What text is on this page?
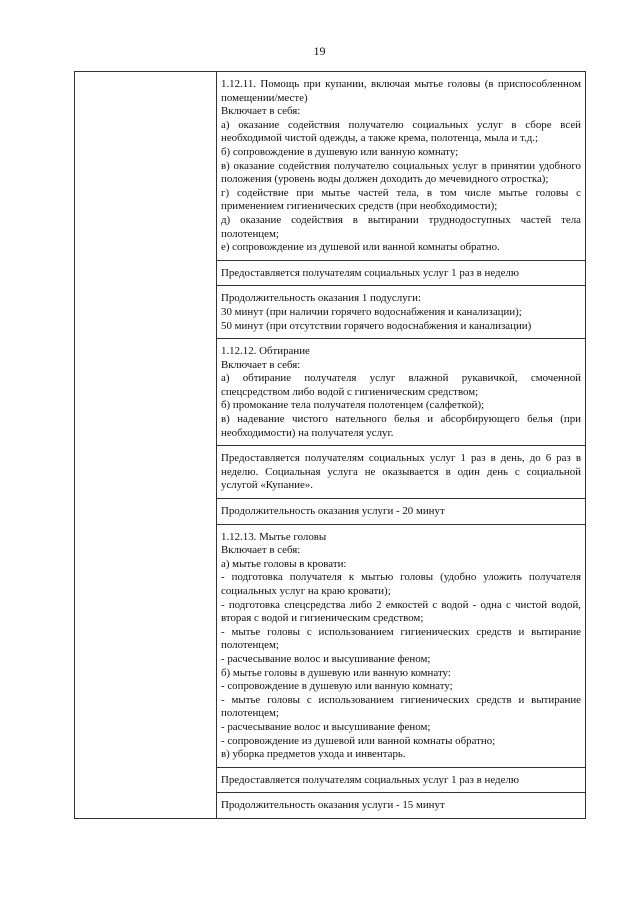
19

1.12.11. Помощь при купании, включая мытье головы (в приспособленном помещении/месте)
Включает в себя:
а) оказание содействия получателю социальных услуг в сборе всей необходимой чистой одежды, а также крема, полотенца, мыла и т.д.;
б) сопровождение в душевую или ванную комнату;
в) оказание содействия получателю социальных услуг в принятии удобного положения (уровень воды должен доходить до мечевидного отростка);
г) содействие при мытье частей тела, в том числе мытье головы с применением гигиенических средств (при необходимости);
д) оказание содействия в вытирании труднодоступных частей тела полотенцем;
е) сопровождение из душевой или ванной комнаты обратно.

Предоставляется получателям социальных услуг 1 раз в неделю

Продолжительность оказания 1 подуслуги:
30 минут (при наличии горячего водоснабжения и канализации);
50 минут (при отсутствии горячего водоснабжения и канализации)

1.12.12. Обтирание
Включает в себя:
а) обтирание получателя услуг влажной рукавичкой, смоченной спецсредством либо водой с гигиеническим средством;
б) промокание тела получателя полотенцем (салфеткой);
в) надевание чистого нательного белья и абсорбирующего белья (при необходимости) на получателя услуг.

Предоставляется получателям социальных услуг 1 раз в день, до 6 раз в неделю. Социальная услуга не оказывается в один день с социальной услугой «Купание».

Продолжительность оказания услуги - 20 минут

1.12.13. Мытье головы
Включает в себя:
а) мытье головы в кровати:
- подготовка получателя к мытью головы (удобно уложить получателя социальных услуг на краю кровати);
- подготовка спецсредства либо 2 емкостей с водой - одна с чистой водой, вторая с водой и гигиеническим средством;
- мытье головы с использованием гигиенических средств и вытирание полотенцем;
- расчесывание волос и высушивание феном;
б) мытье головы в душевую или ванную комнату:
- сопровождение в душевую или ванную комнату;
- мытье головы с использованием гигиенических средств и вытирание полотенцем;
- расчесывание волос и высушивание феном;
- сопровождение из душевой или ванной комнаты обратно;
в) уборка предметов ухода и инвентарь.

Предоставляется получателям социальных услуг 1 раз в неделю

Продолжительность оказания услуги - 15 минут
